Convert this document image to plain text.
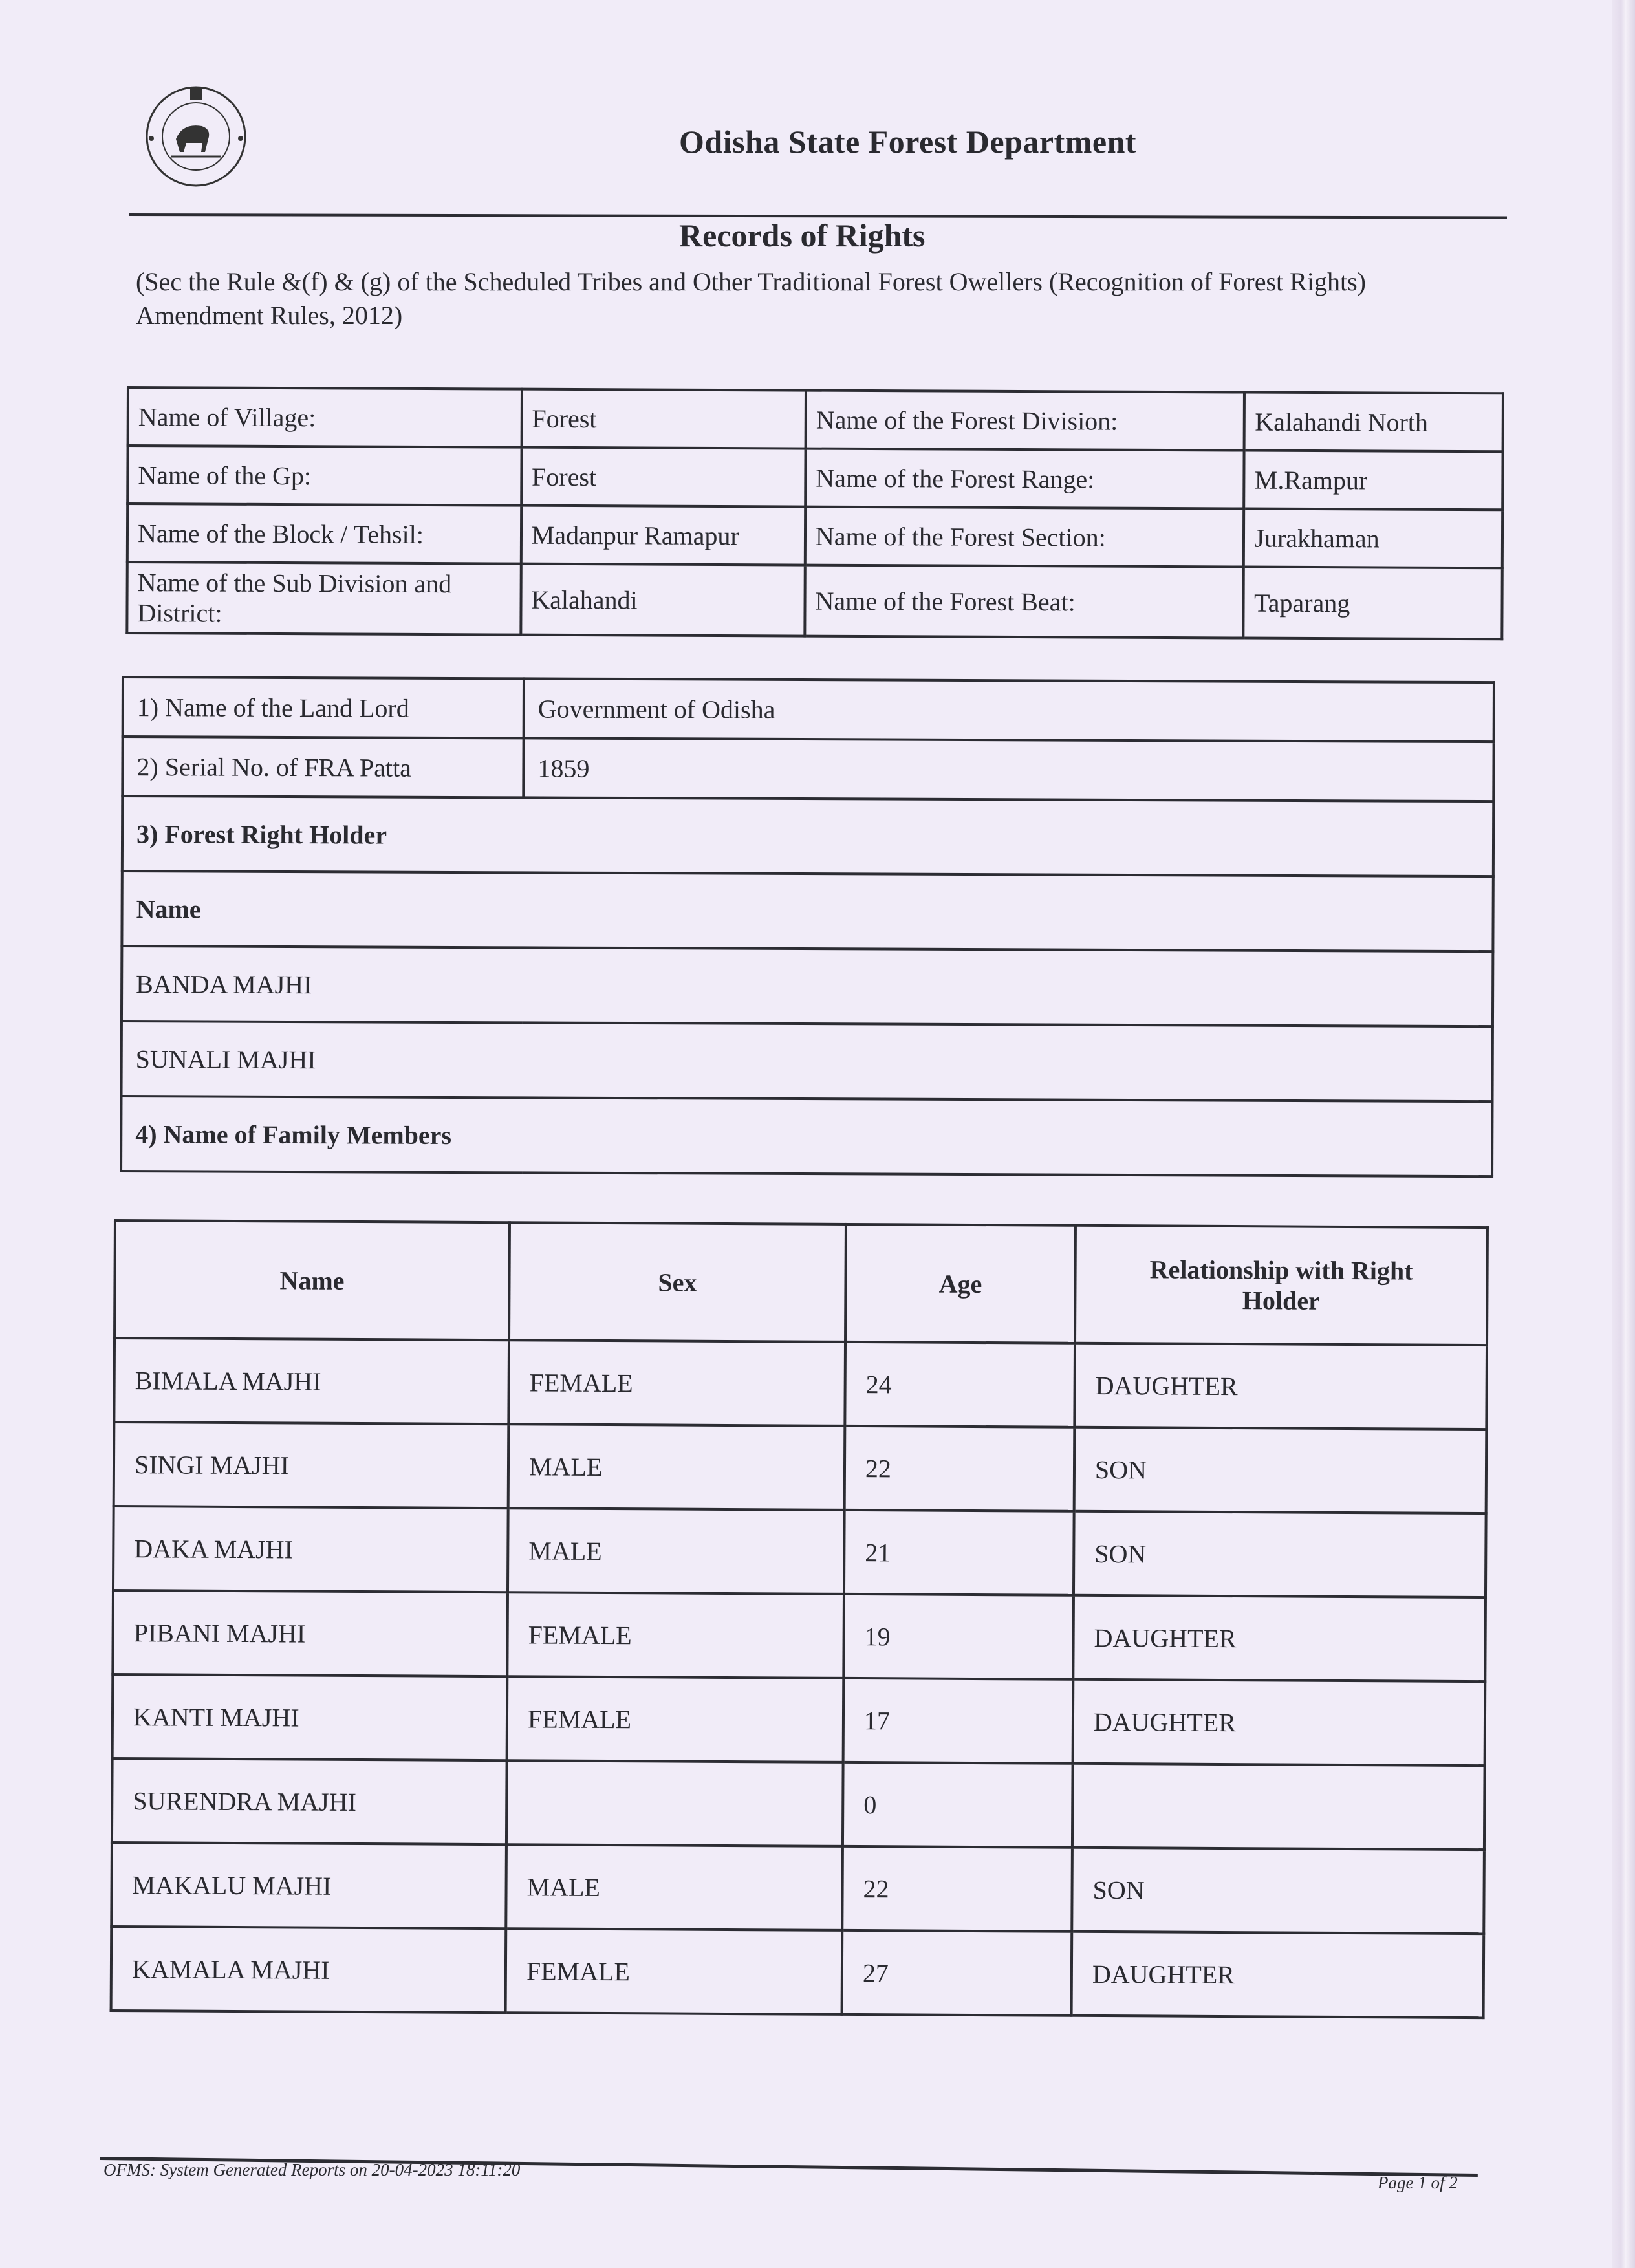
Odisha State Forest Department
Records of Rights
(Sec the Rule &(f) & (g) of the Scheduled Tribes and Other Traditional Forest Owellers (Recognition of Forest Rights) Amendment Rules, 2012)
Name of Village:	Forest	Name of the Forest Division:	Kalahandi North
Name of the Gp:	Forest	Name of the Forest Range:	M.Rampur
Name of the Block / Tehsil:	Madanpur Ramapur	Name of the Forest Section:	Jurakhaman
Name of the Sub Division and District:	Kalahandi	Name of the Forest Beat:	Taparang
1) Name of the Land Lord	Government of Odisha
2) Serial No. of FRA Patta	1859
3) Forest Right Holder	
Name	
BANDA MAJHI	
SUNALI MAJHI	
4) Name of Family Members	
Name	Sex	Age	Relationship with Right Holder
BIMALA MAJHI	FEMALE	24	DAUGHTER
SINGI MAJHI	MALE	22	SON
DAKA MAJHI	MALE	21	SON
PIBANI MAJHI	FEMALE	19	DAUGHTER
KANTI MAJHI	FEMALE	17	DAUGHTER
SURENDRA MAJHI		0	
MAKALU MAJHI	MALE	22	SON
KAMALA MAJHI	FEMALE	27	DAUGHTER
OFMS: System Generated Reports on 20-04-2023 18:11:20
Page 1 of 2
